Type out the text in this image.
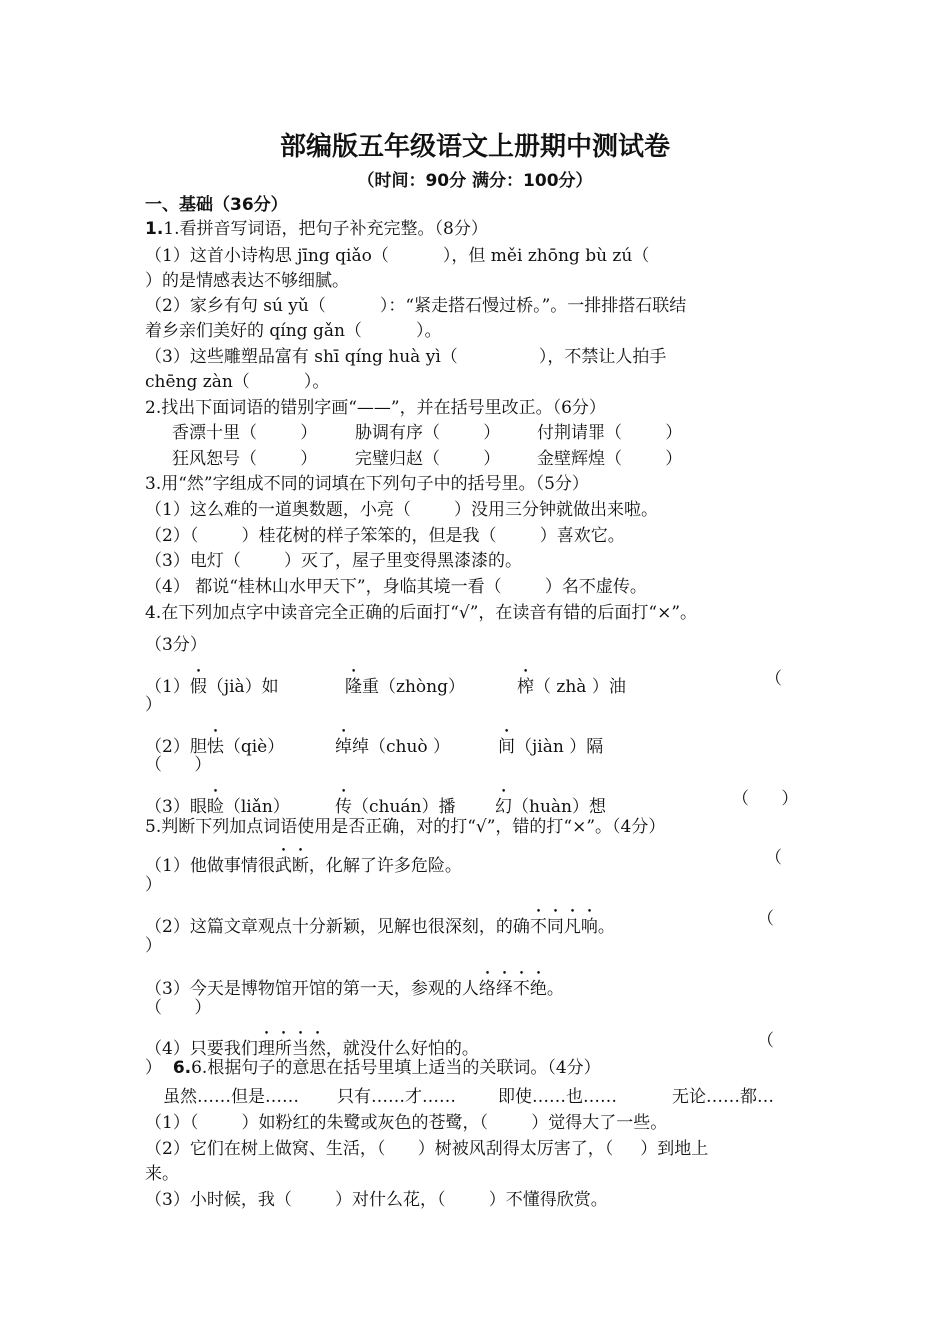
部编版五年级语文上册期中测试卷
（时间：90分 满分：100分）
一、基础（36分）
1.1.看拼音写词语，把句子补充完整。（8分）
（1）这首小诗构思 jīng qiǎo（          ），但 měi zhōng bù zú（
）的是情感表达不够细腻。
（2）家乡有句 sú yǔ（          ）：“紧走搭石慢过桥。”。一排排搭石联结
着乡亲们美好的 qíng gǎn（          ）。
（3）这些雕塑品富有 shī qíng huà yì（               ），不禁让人拍手
chēng zàn（          ）。
2.找出下面词语的错别字画“——”，并在括号里改正。（6分）
香漂十里（        ） 胁调有序（        ） 付荆请罪（        ）
狂风恕号（        ） 完璧归赵（        ） 金壁辉煌（        ）
3.用“然”字组成不同的词填在下列句子中的括号里。（5分）
（1）这么难的一道奥数题，小亮（        ）没用三分钟就做出来啦。
（2）（        ）桂花树的样子笨笨的，但是我（        ）喜欢它。
（3）电灯（        ）灭了，屋子里变得黑漆漆的。
（4） 都说“桂林山水甲天下”，身临其境一看（        ）名不虚传。
4.在下列加点字中读音完全正确的后面打“√”，在读音有错的后面打“×”。
（3分）
（1）假（jià）如	隆重（zhòng）	榨（ zhà ）油	（
）
（2）胆怯（qiè）	绰绰（chuò ）	间（jiàn ）隔
（      ）
（3）眼睑（liǎn）	传（chuán）播 幻（huàn）想	（      ）
5.判断下列加点词语使用是否正确，对的打“√”，错的打“×”。（4分）
（1）他做事情很武断，化解了许多危险。	（
）
（2）这篇文章观点十分新颖，见解也很深刻，的确不同凡响。	（
）
（3）今天是博物馆开馆的第一天，参观的人络绎不绝。
（      ）
（4）只要我们理所当然，就没什么好怕的。	（
） 6.6.根据句子的意思在括号里填上适当的关联词。（4分）
虽然……但是…… 只有……才…… 即使……也……	无论……都…
（1）（        ）如粉红的朱鹭或灰色的苍鹭，（        ）觉得大了一些。
（2）它们在树上做窝、生活，（      ）树被风刮得太厉害了，（     ）到地上
来。
（3）小时候，我（        ）对什么花，（        ）不懂得欣赏。
